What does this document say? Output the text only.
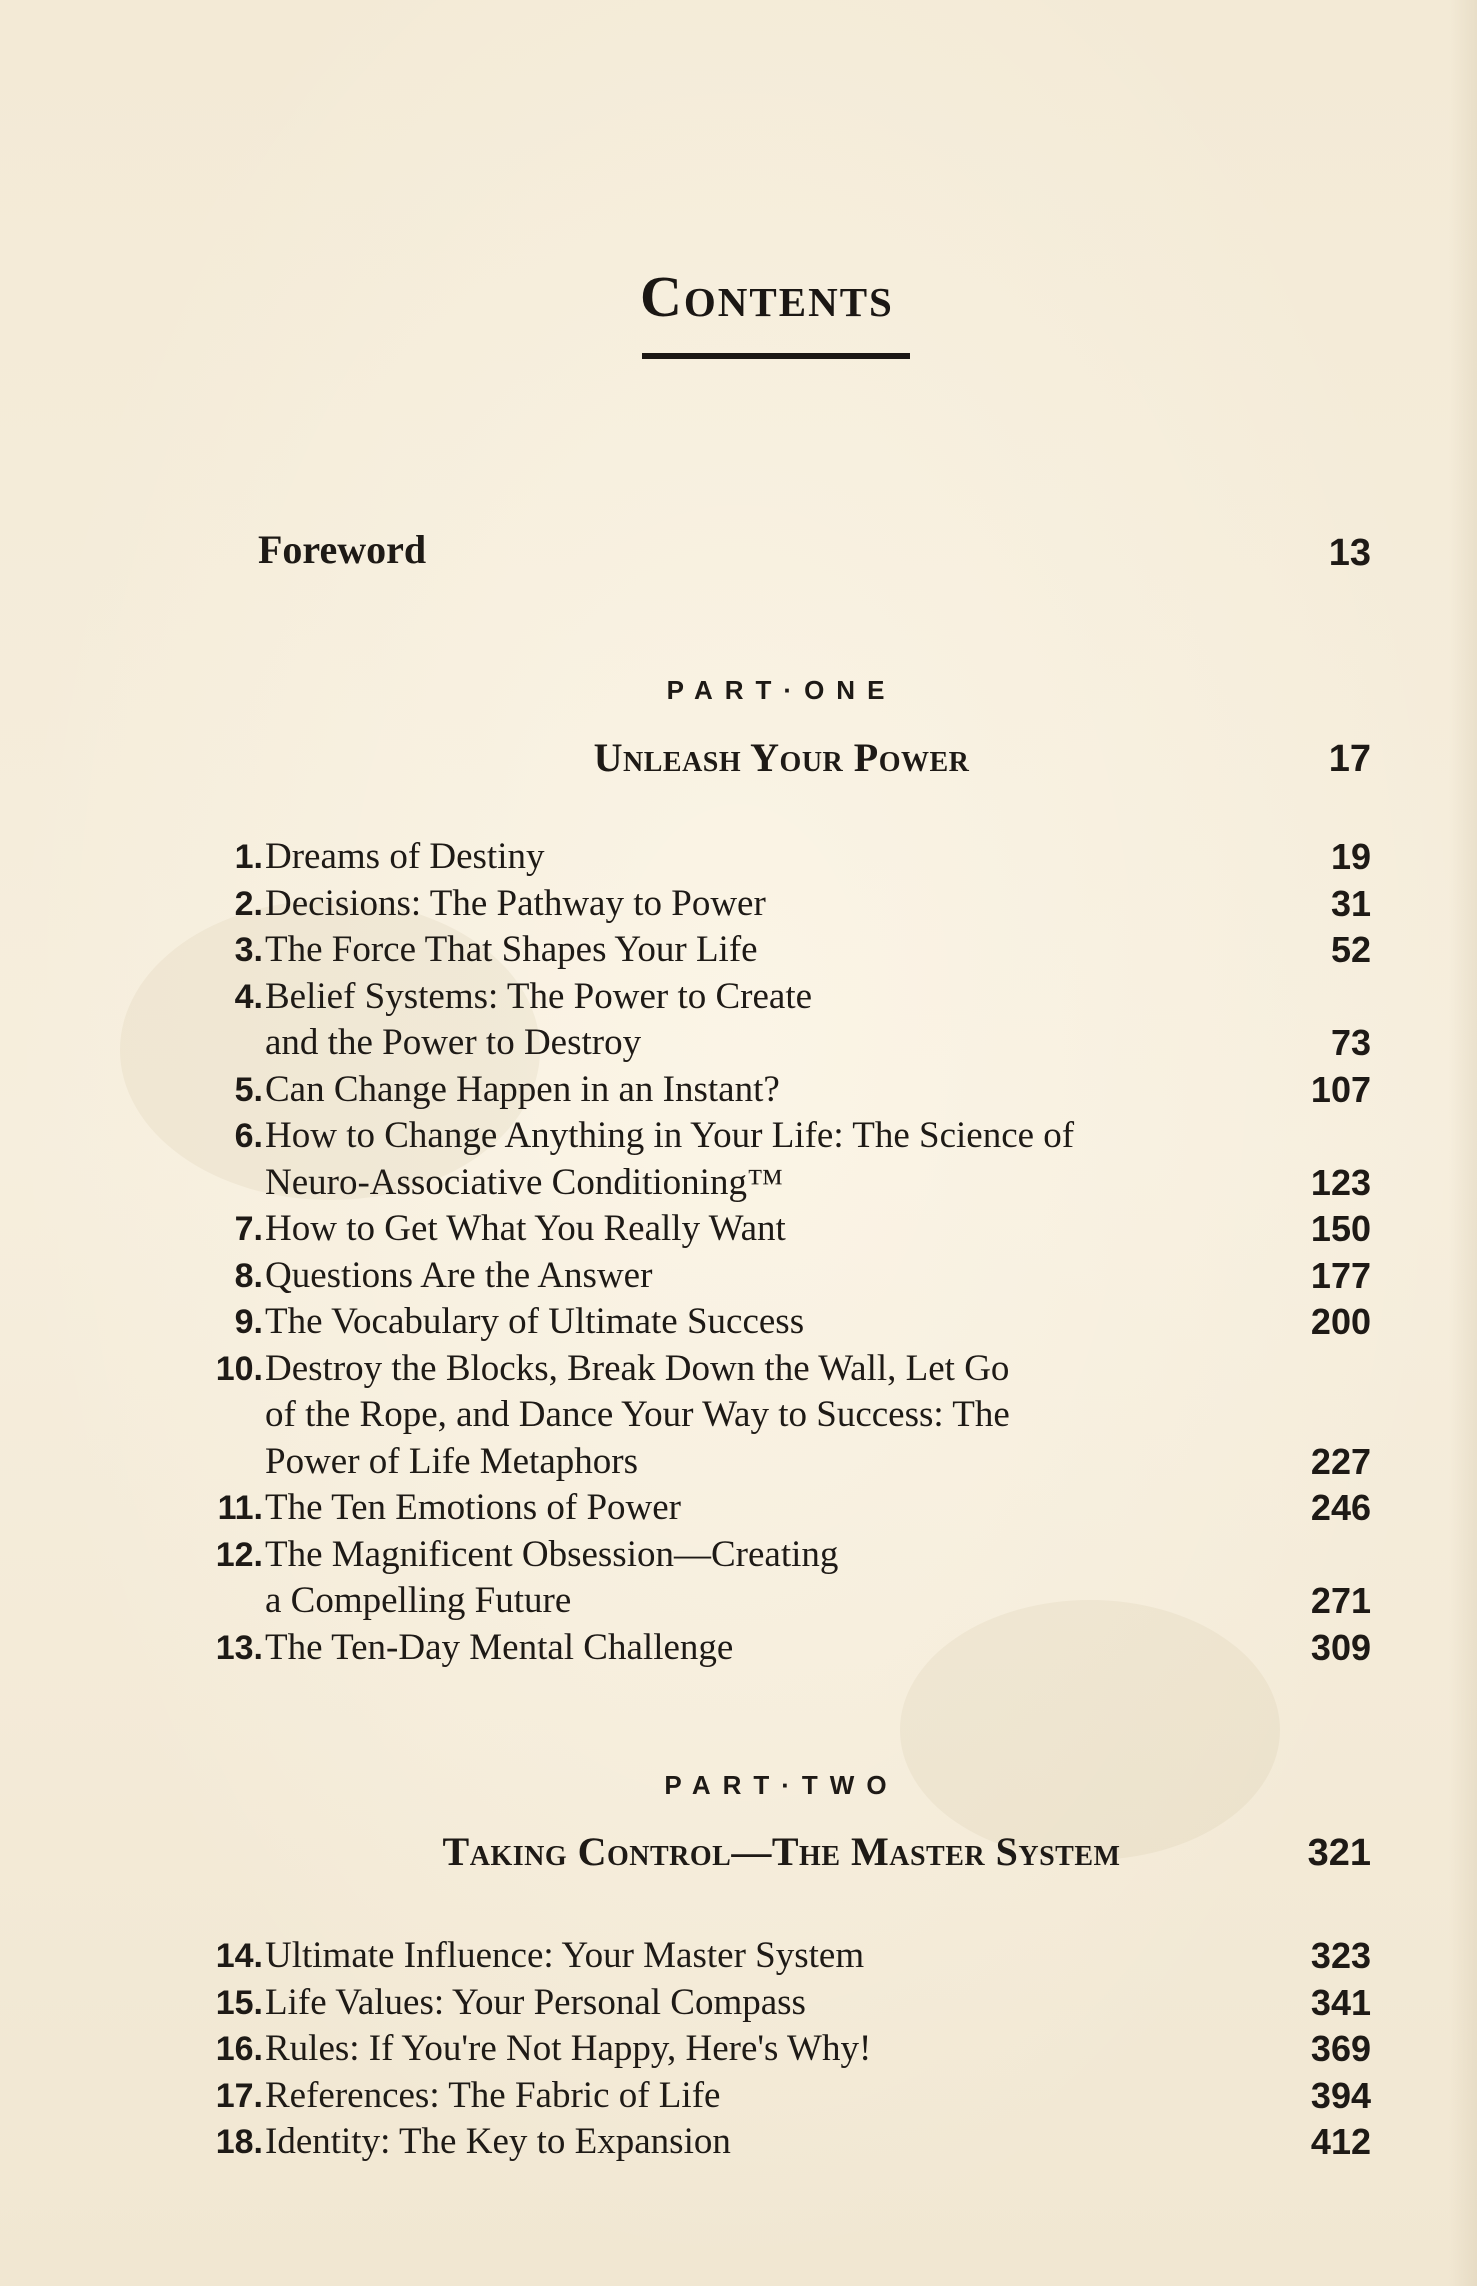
Contents
Foreword	13
PART·ONE
Unleash Your Power	17
1. Dreams of Destiny	19
2. Decisions: The Pathway to Power	31
3. The Force That Shapes Your Life	52
4. Belief Systems: The Power to Create
and the Power to Destroy	73
5. Can Change Happen in an Instant?	107
6. How to Change Anything in Your Life: The Science of
Neuro-Associative Conditioning™	123
7. How to Get What You Really Want	150
8. Questions Are the Answer	177
9. The Vocabulary of Ultimate Success	200
10. Destroy the Blocks, Break Down the Wall, Let Go
of the Rope, and Dance Your Way to Success: The
Power of Life Metaphors	227
11. The Ten Emotions of Power	246
12. The Magnificent Obsession—Creating
a Compelling Future	271
13. The Ten-Day Mental Challenge	309
PART·TWO
Taking Control—The Master System	321
14. Ultimate Influence: Your Master System	323
15. Life Values: Your Personal Compass	341
16. Rules: If You're Not Happy, Here's Why!	369
17. References: The Fabric of Life	394
18. Identity: The Key to Expansion	412
